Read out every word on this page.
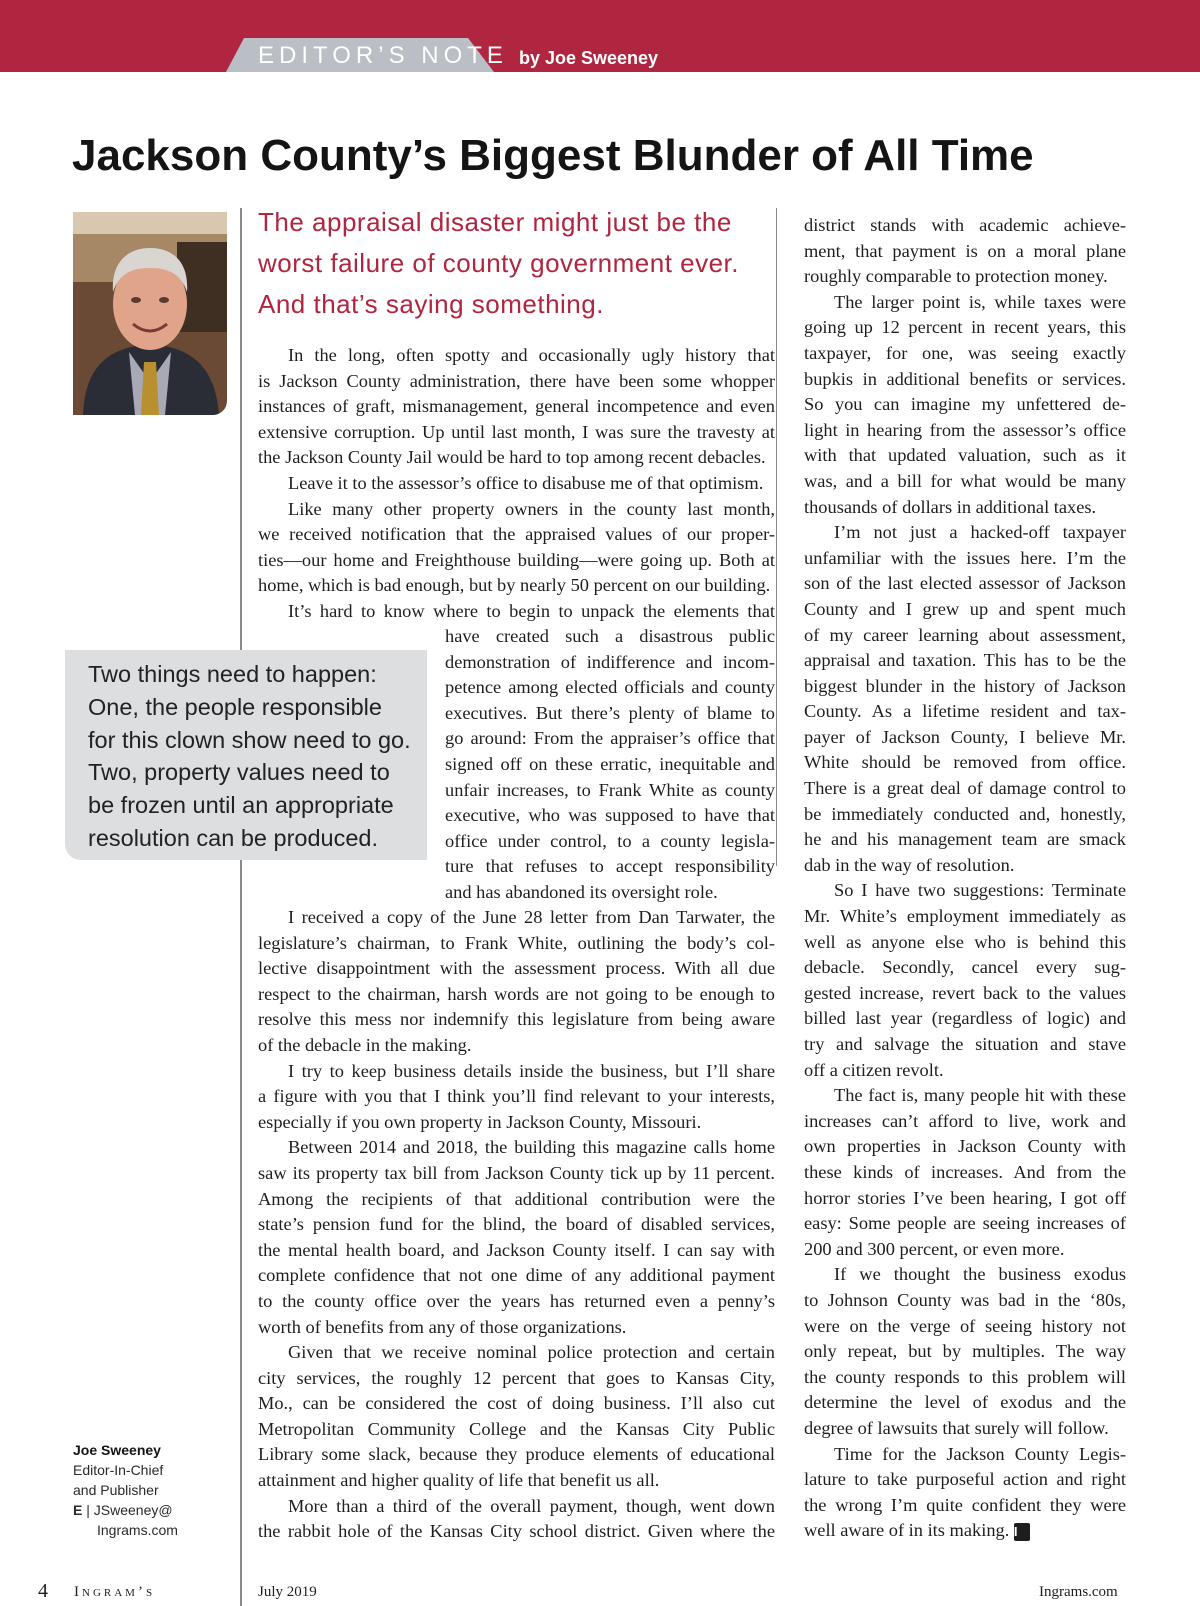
EDITOR’S NOTE by Joe Sweeney
Jackson County’s Biggest Blunder of All Time
The appraisal disaster might just be the
worst failure of county government ever.
And that’s saying something.

In the long, often spotty and occasionally ugly history that
is Jackson County administration, there have been some whopper
instances of graft, mismanagement, general incompetence and even
extensive corruption. Up until last month, I was sure the travesty at
the Jackson County Jail would be hard to top among recent debacles.

Leave it to the assessor’s office to disabuse me of that optimism.

Like many other property owners in the county last month,
we received notification that the appraised values of our proper-
ties—our home and Freighthouse building—were going up. Both at
home, which is bad enough, but by nearly 50 percent on our building.

It’s hard to know where to begin to unpack the elements that

Two things need to happen:
One, the people responsible
for this clown show need to go.
Two, property values need to
be frozen until an appropriate
resolution can be produced.
have created such a disastrous public
demonstration of indifference and incom-
petence among elected officials and county
executives. But there’s plenty of blame to
go around: From the appraiser’s office that
signed off on these erratic, inequitable and
unfair increases, to Frank White as county
executive, who was supposed to have that
office under control, to a county legisla-
ture that refuses to accept responsibility
and has abandoned its oversight role.

I received a copy of the June 28 letter from Dan Tarwater, the
legislature’s chairman, to Frank White, outlining the body’s col-
lective disappointment with the assessment process. With all due
respect to the chairman, harsh words are not going to be enough to
resolve this mess nor indemnify this legislature from being aware
of the debacle in the making.

I try to keep business details inside the business, but I’ll share
a figure with you that I think you’ll find relevant to your interests,
especially if you own property in Jackson County, Missouri.

Between 2014 and 2018, the building this magazine calls home
saw its property tax bill from Jackson County tick up by 11 percent.
Among the recipients of that additional contribution were the
state’s pension fund for the blind, the board of disabled services,
the mental health board, and Jackson County itself. I can say with
complete confidence that not one dime of any additional payment
to the county office over the years has returned even a penny’s
worth of benefits from any of those organizations.

Given that we receive nominal police protection and certain
city services, the roughly 12 percent that goes to Kansas City,
Mo., can be considered the cost of doing business. I’ll also cut
Metropolitan Community College and the Kansas City Public
Library some slack, because they produce elements of educational
attainment and higher quality of life that benefit us all.

More than a third of the overall payment, though, went down
the rabbit hole of the Kansas City school district. Given where the

district stands with academic achieve-
ment, that payment is on a moral plane
roughly comparable to protection money.

The larger point is, while taxes were
going up 12 percent in recent years, this
taxpayer, for one, was seeing exactly
bupkis in additional benefits or services.
So you can imagine my unfettered de-
light in hearing from the assessor’s office
with that updated valuation, such as it
was, and a bill for what would be many
thousands of dollars in additional taxes.

I’m not just a hacked-off taxpayer
unfamiliar with the issues here. I’m the
son of the last elected assessor of Jackson
County and I grew up and spent much
of my career learning about assessment,
appraisal and taxation. This has to be the
biggest blunder in the history of Jackson
County. As a lifetime resident and tax-
payer of Jackson County, I believe Mr.
White should be removed from office.
There is a great deal of damage control to
be immediately conducted and, honestly,
he and his management team are smack
dab in the way of resolution.

So I have two suggestions: Terminate
Mr. White’s employment immediately as
well as anyone else who is behind this
debacle. Secondly, cancel every sug-
gested increase, revert back to the values
billed last year (regardless of logic) and
try and salvage the situation and stave
off a citizen revolt.

The fact is, many people hit with these
increases can’t afford to live, work and
own properties in Jackson County with
these kinds of increases. And from the
horror stories I’ve been hearing, I got off
easy: Some people are seeing increases of
200 and 300 percent, or even more.

If we thought the business exodus
to Johnson County was bad in the ‘80s,
were on the verge of seeing history not
only repeat, but by multiples. The way
the county responds to this problem will
determine the level of exodus and the
degree of lawsuits that surely will follow.

Time for the Jackson County Legis-
lature to take purposeful action and right
the wrong I’m quite confident they were
well aware of in its making. I

Joe Sweeney
Editor-In-Chief
and Publisher
E | JSweeney@
Ingrams.com
4 Ingram’s	July 2019	Ingrams.com
